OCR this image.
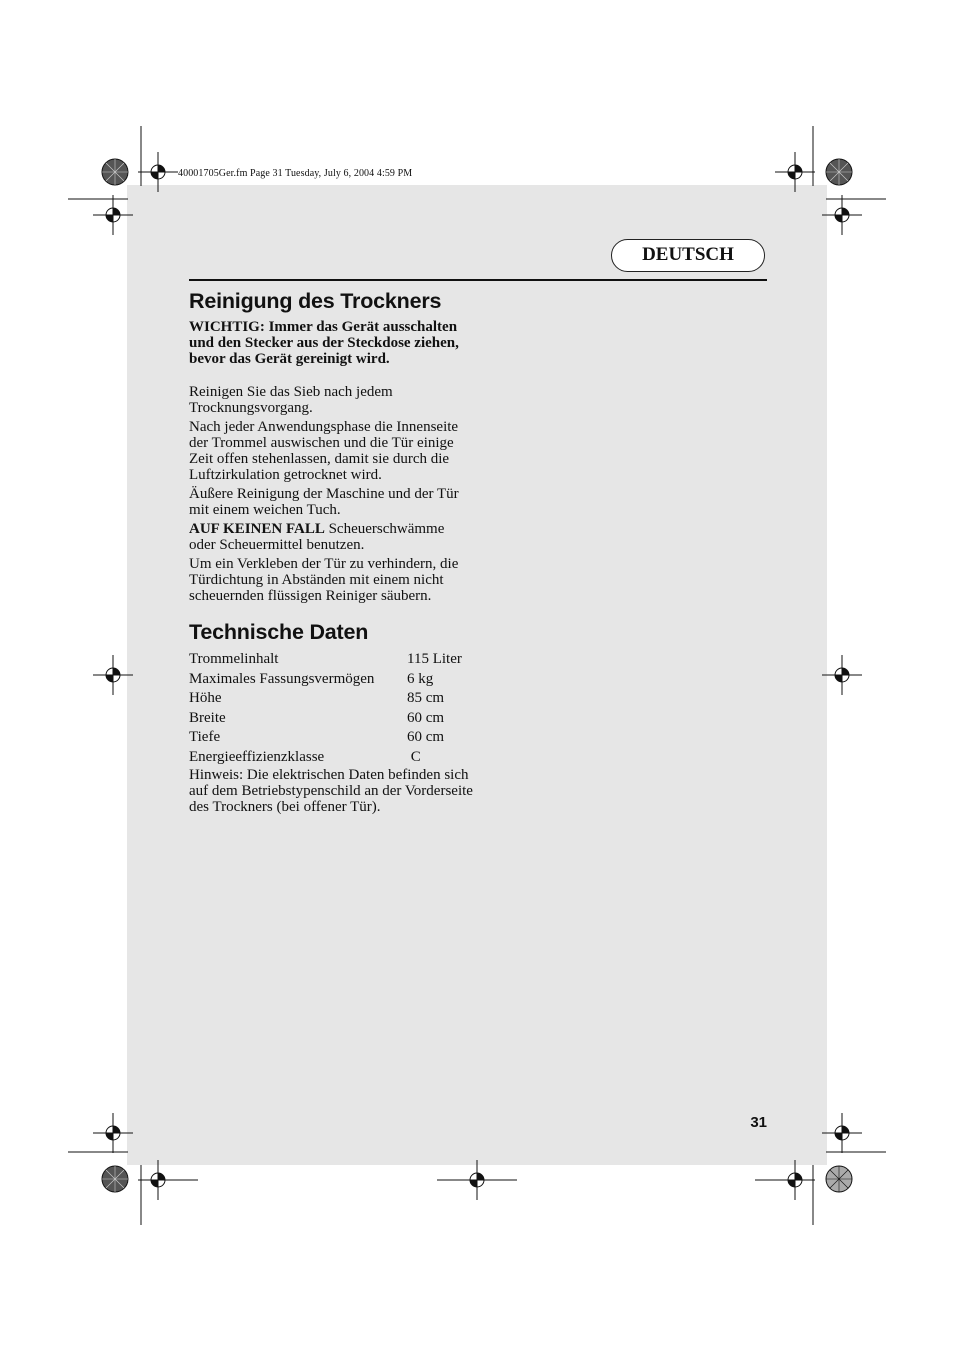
40001705Ger.fm Page 31 Tuesday, July 6, 2004 4:59 PM
DEUTSCH
Reinigung des Trockners

WICHTIG: Immer das Gerät ausschalten und den Stecker aus der Steckdose ziehen, bevor das Gerät gereinigt wird.

Reinigen Sie das Sieb nach jedem Trocknungsvorgang.

Nach jeder Anwendungsphase die Innenseite der Trommel auswischen und die Tür einige Zeit offen stehenlassen, damit sie durch die Luftzirkulation getrocknet wird.

Äußere Reinigung der Maschine und der Tür mit einem weichen Tuch.

AUF KEINEN FALL Scheuerschwämme oder Scheuermittel benutzen.

Um ein Verkleben der Tür zu verhindern, die Türdichtung in Abständen mit einem nicht scheuernden flüssigen Reiniger säubern.

Technische Daten
Trommelinhalt	115 Liter
Maximales Fassungsvermögen	6 kg
Höhe	85 cm
Breite	60 cm
Tiefe	60 cm
Energieeffizienzklasse	C

Hinweis: Die elektrischen Daten befinden sich auf dem Betriebstypenschild an der Vorderseite des Trockners (bei offener Tür).

31
